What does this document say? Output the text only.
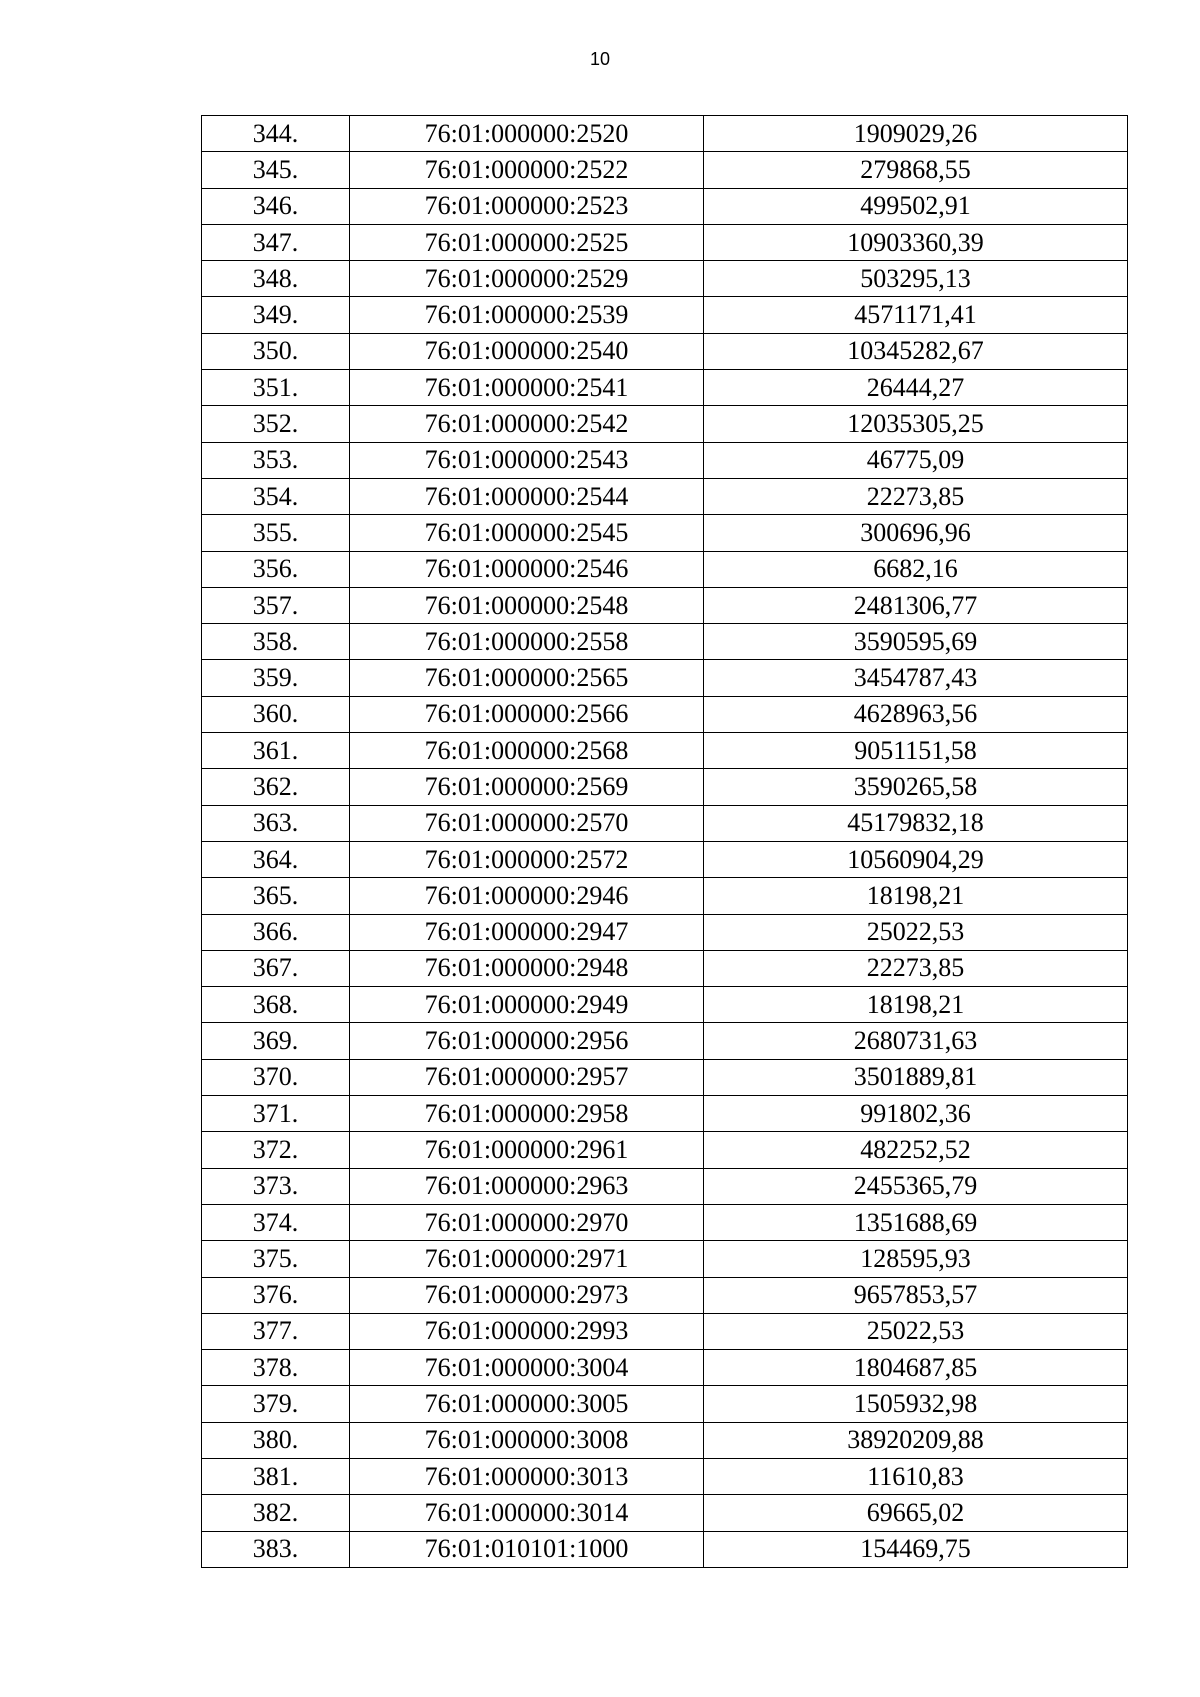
10
344.	76:01:000000:2520	1909029,26
345.	76:01:000000:2522	279868,55
346.	76:01:000000:2523	499502,91
347.	76:01:000000:2525	10903360,39
348.	76:01:000000:2529	503295,13
349.	76:01:000000:2539	4571171,41
350.	76:01:000000:2540	10345282,67
351.	76:01:000000:2541	26444,27
352.	76:01:000000:2542	12035305,25
353.	76:01:000000:2543	46775,09
354.	76:01:000000:2544	22273,85
355.	76:01:000000:2545	300696,96
356.	76:01:000000:2546	6682,16
357.	76:01:000000:2548	2481306,77
358.	76:01:000000:2558	3590595,69
359.	76:01:000000:2565	3454787,43
360.	76:01:000000:2566	4628963,56
361.	76:01:000000:2568	9051151,58
362.	76:01:000000:2569	3590265,58
363.	76:01:000000:2570	45179832,18
364.	76:01:000000:2572	10560904,29
365.	76:01:000000:2946	18198,21
366.	76:01:000000:2947	25022,53
367.	76:01:000000:2948	22273,85
368.	76:01:000000:2949	18198,21
369.	76:01:000000:2956	2680731,63
370.	76:01:000000:2957	3501889,81
371.	76:01:000000:2958	991802,36
372.	76:01:000000:2961	482252,52
373.	76:01:000000:2963	2455365,79
374.	76:01:000000:2970	1351688,69
375.	76:01:000000:2971	128595,93
376.	76:01:000000:2973	9657853,57
377.	76:01:000000:2993	25022,53
378.	76:01:000000:3004	1804687,85
379.	76:01:000000:3005	1505932,98
380.	76:01:000000:3008	38920209,88
381.	76:01:000000:3013	11610,83
382.	76:01:000000:3014	69665,02
383.	76:01:010101:1000	154469,75
